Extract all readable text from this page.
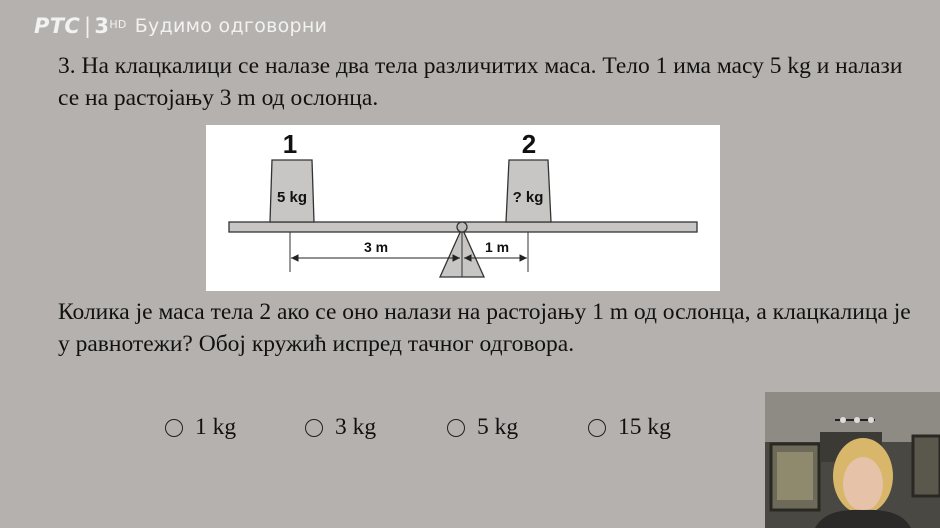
РТС | 3 HD Будимо одговорни
3. На клацкалици се налазе два тела различитих маса. Тело 1 има масу 5 kg и налази се на растојању 3 m од ослонца.
5 kg
1
? kg
2
3 m	1 m
Колика је маса тела 2 ако се оно налази на растојању 1 m од ослонца, а клацкалица је у равнотежи? Обој кружић испред тачног одговора.
1 kg	3 kg	5 kg	15 kg
